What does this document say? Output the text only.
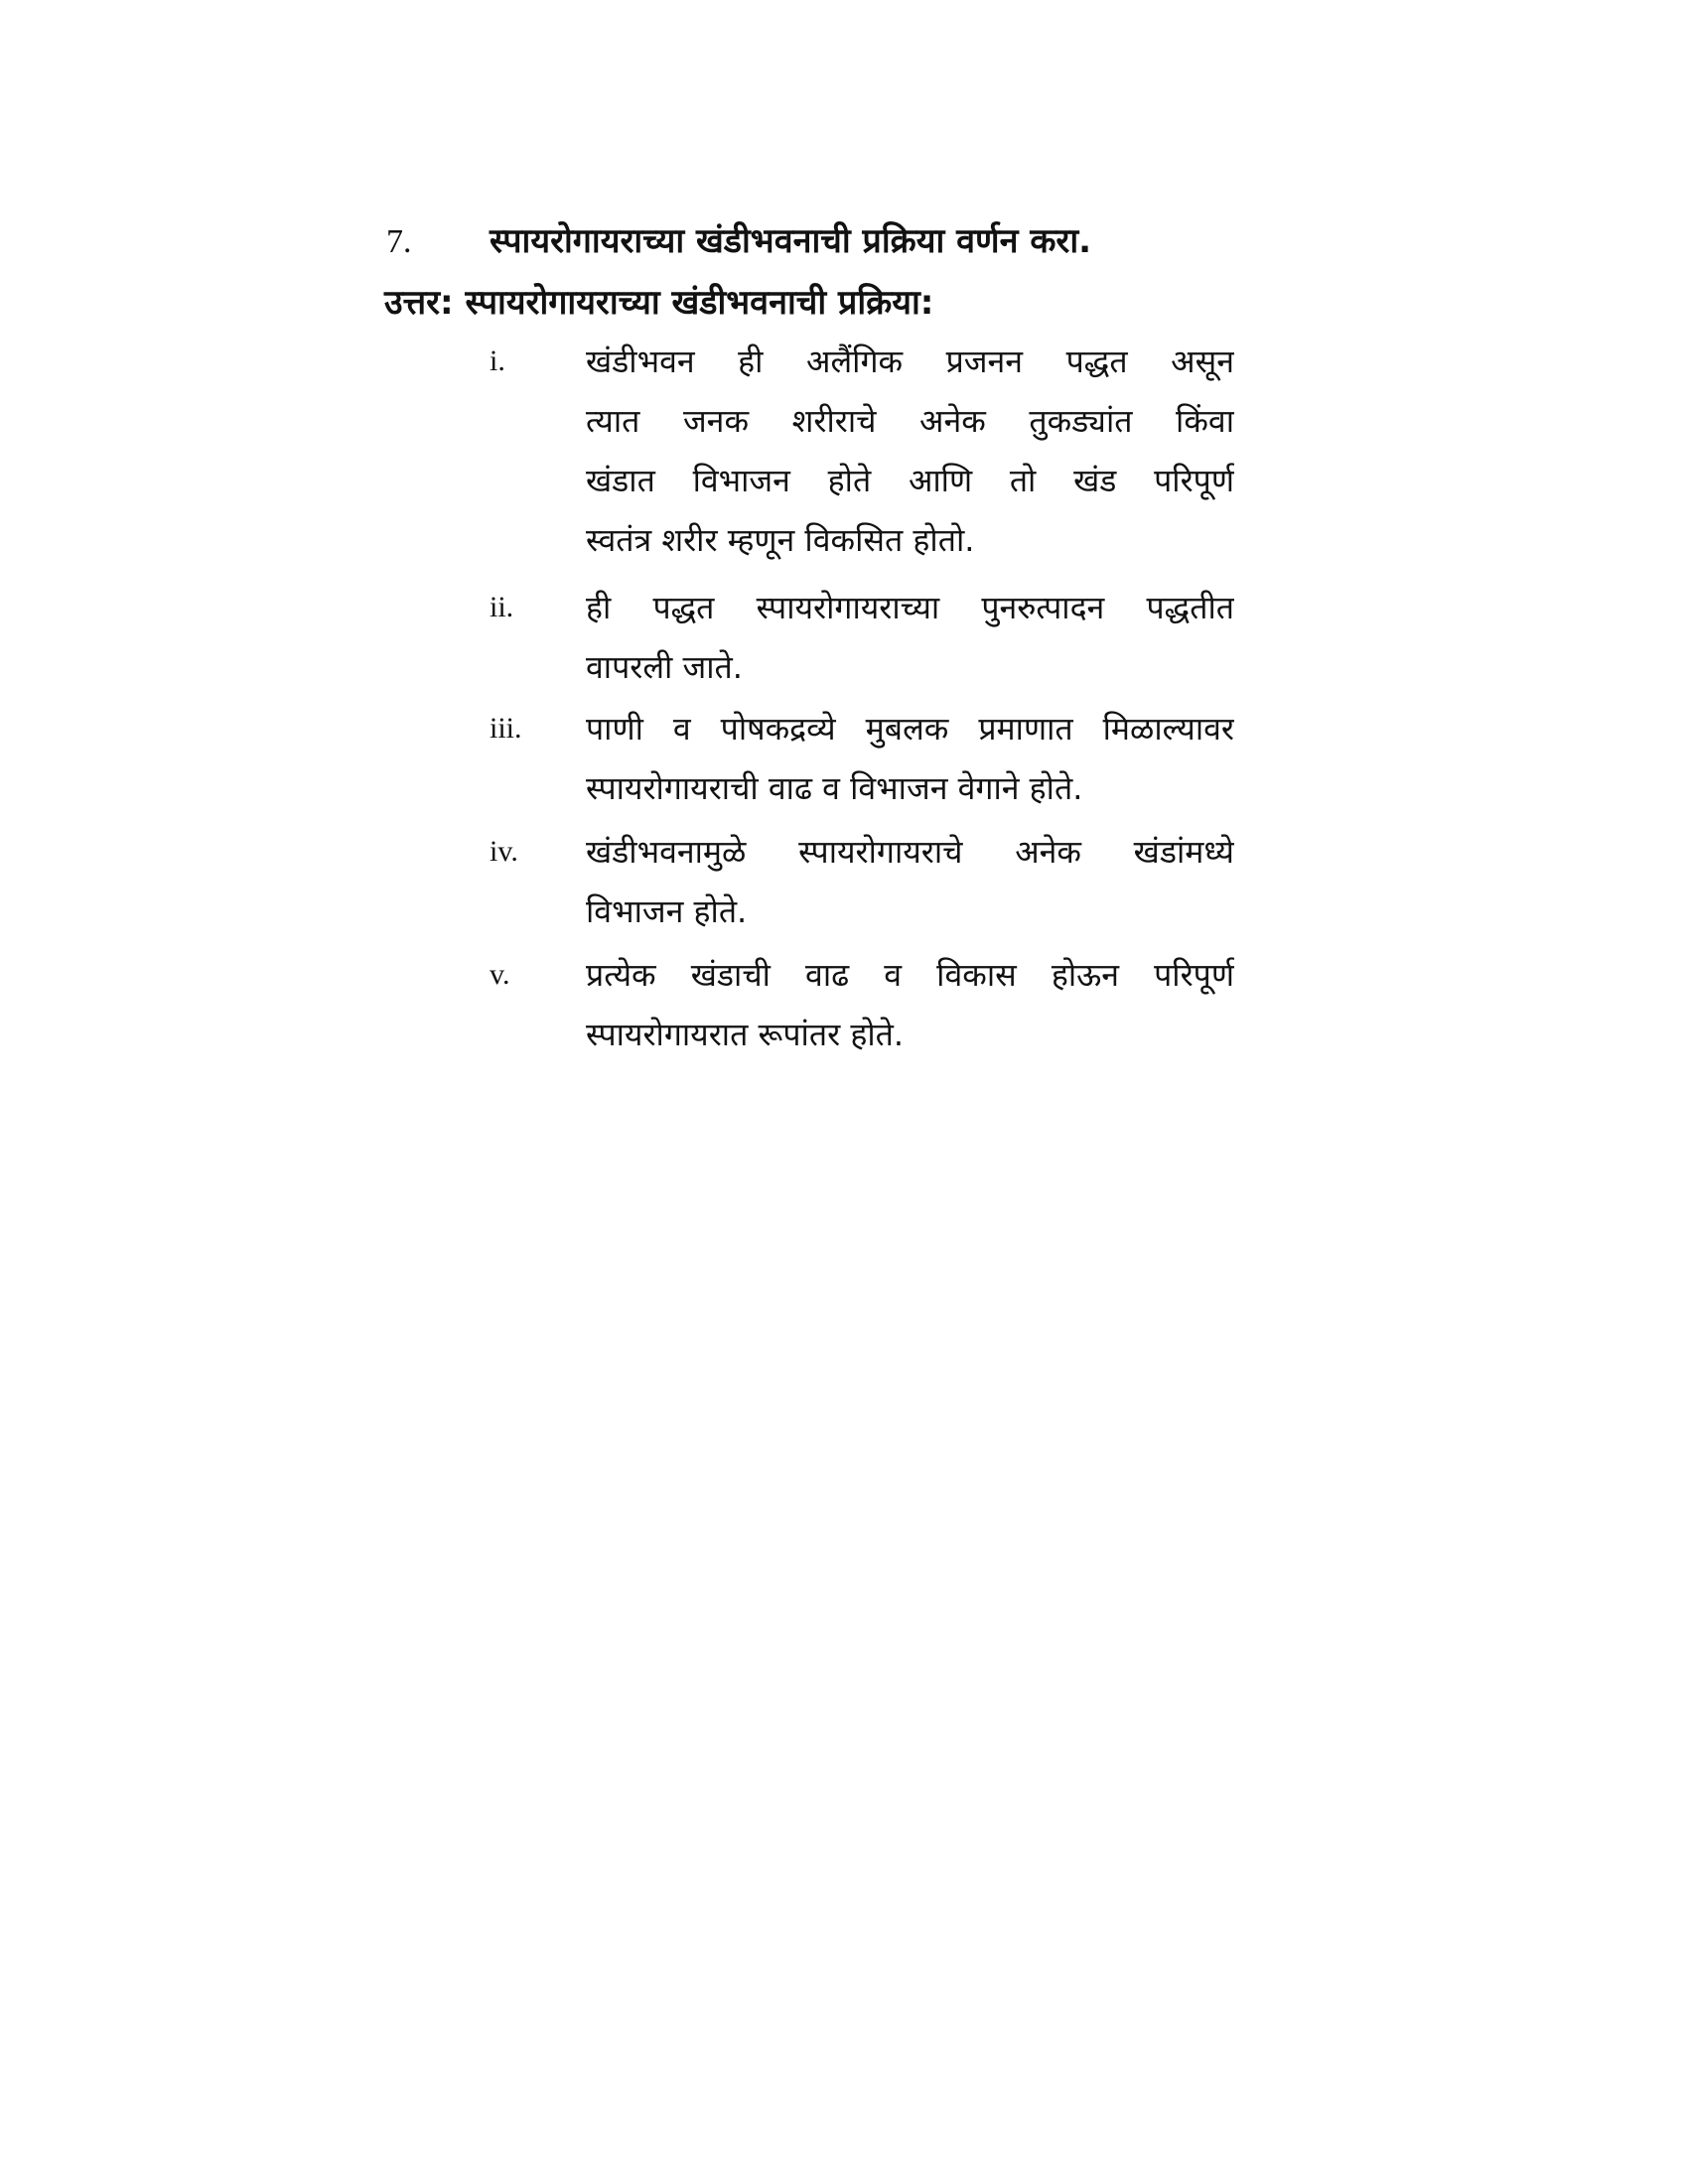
7. स्पायरोगायराच्या खंडीभवनाची प्रक्रिया वर्णन करा.
उत्तर: स्पायरोगायराच्या खंडीभवनाची प्रक्रिया:
i.	खंडीभवन ही अलैंगिक प्रजनन पद्धत असून
त्यात जनक शरीराचे अनेक तुकड्यांत किंवा
खंडात विभाजन होते आणि तो खंड परिपूर्ण
स्वतंत्र शरीर म्हणून विकसित होतो.
ii. ही पद्धत स्पायरोगायराच्या पुनरुत्पादन पद्धतीत
वापरली जाते.
iii. पाणी व पोषकद्रव्ये मुबलक प्रमाणात मिळाल्यावर
स्पायरोगायराची वाढ व विभाजन वेगाने होते.
iv. खंडीभवनामुळे स्पायरोगायराचे अनेक खंडांमध्ये
विभाजन होते.
v. प्रत्येक खंडाची वाढ व विकास होऊन परिपूर्ण
स्पायरोगायरात रूपांतर होते.
